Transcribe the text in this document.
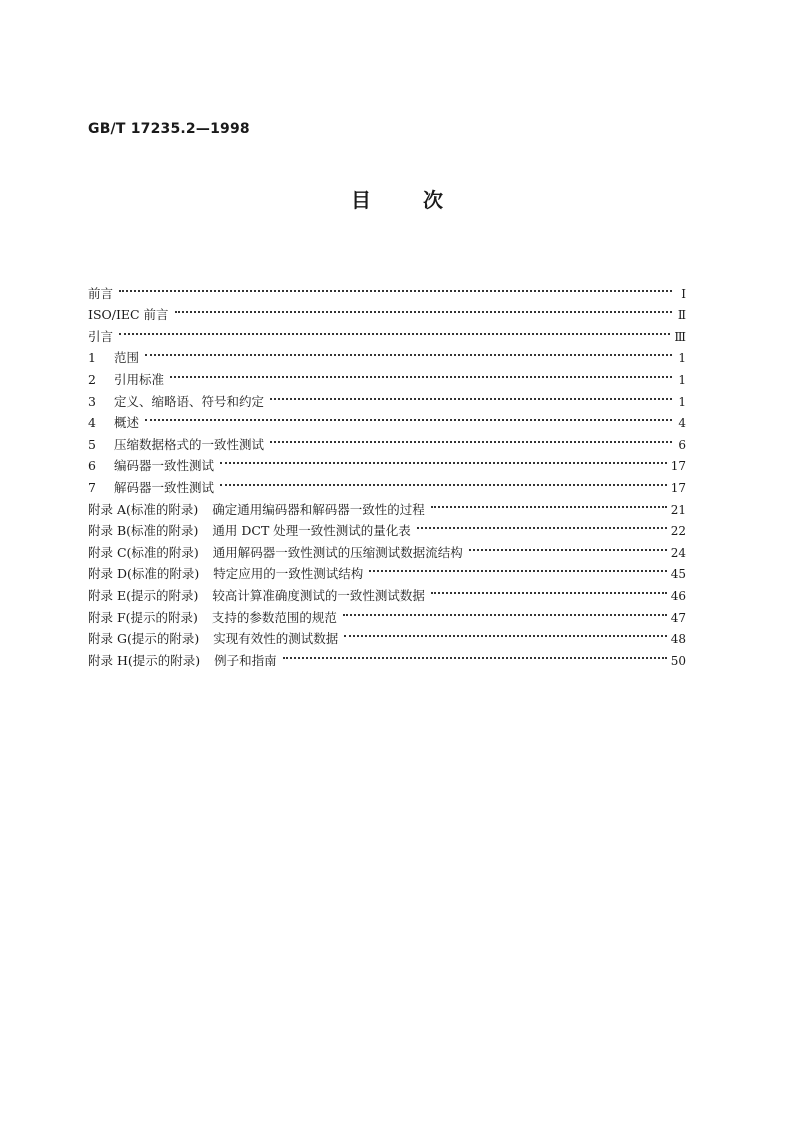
GB/T 17235.2—1998
目	次
前言	I
ISO/IEC 前言	Ⅱ
引言	Ⅲ
1	范围	1
2	引用标准	1
3	定义、缩略语、符号和约定	1
4	概述	4
5	压缩数据格式的一致性测试	6
6	编码器一致性测试	17
7	解码器一致性测试	17
附录 A(标准的附录) 确定通用编码器和解码器一致性的过程	21
附录 B(标准的附录) 通用 DCT 处理一致性测试的量化表	22
附录 C(标准的附录) 通用解码器一致性测试的压缩测试数据流结构	24
附录 D(标准的附录) 特定应用的一致性测试结构	45
附录 E(提示的附录) 较高计算准确度测试的一致性测试数据	46
附录 F(提示的附录) 支持的参数范围的规范	47
附录 G(提示的附录) 实现有效性的测试数据	48
附录 H(提示的附录) 例子和指南	50
